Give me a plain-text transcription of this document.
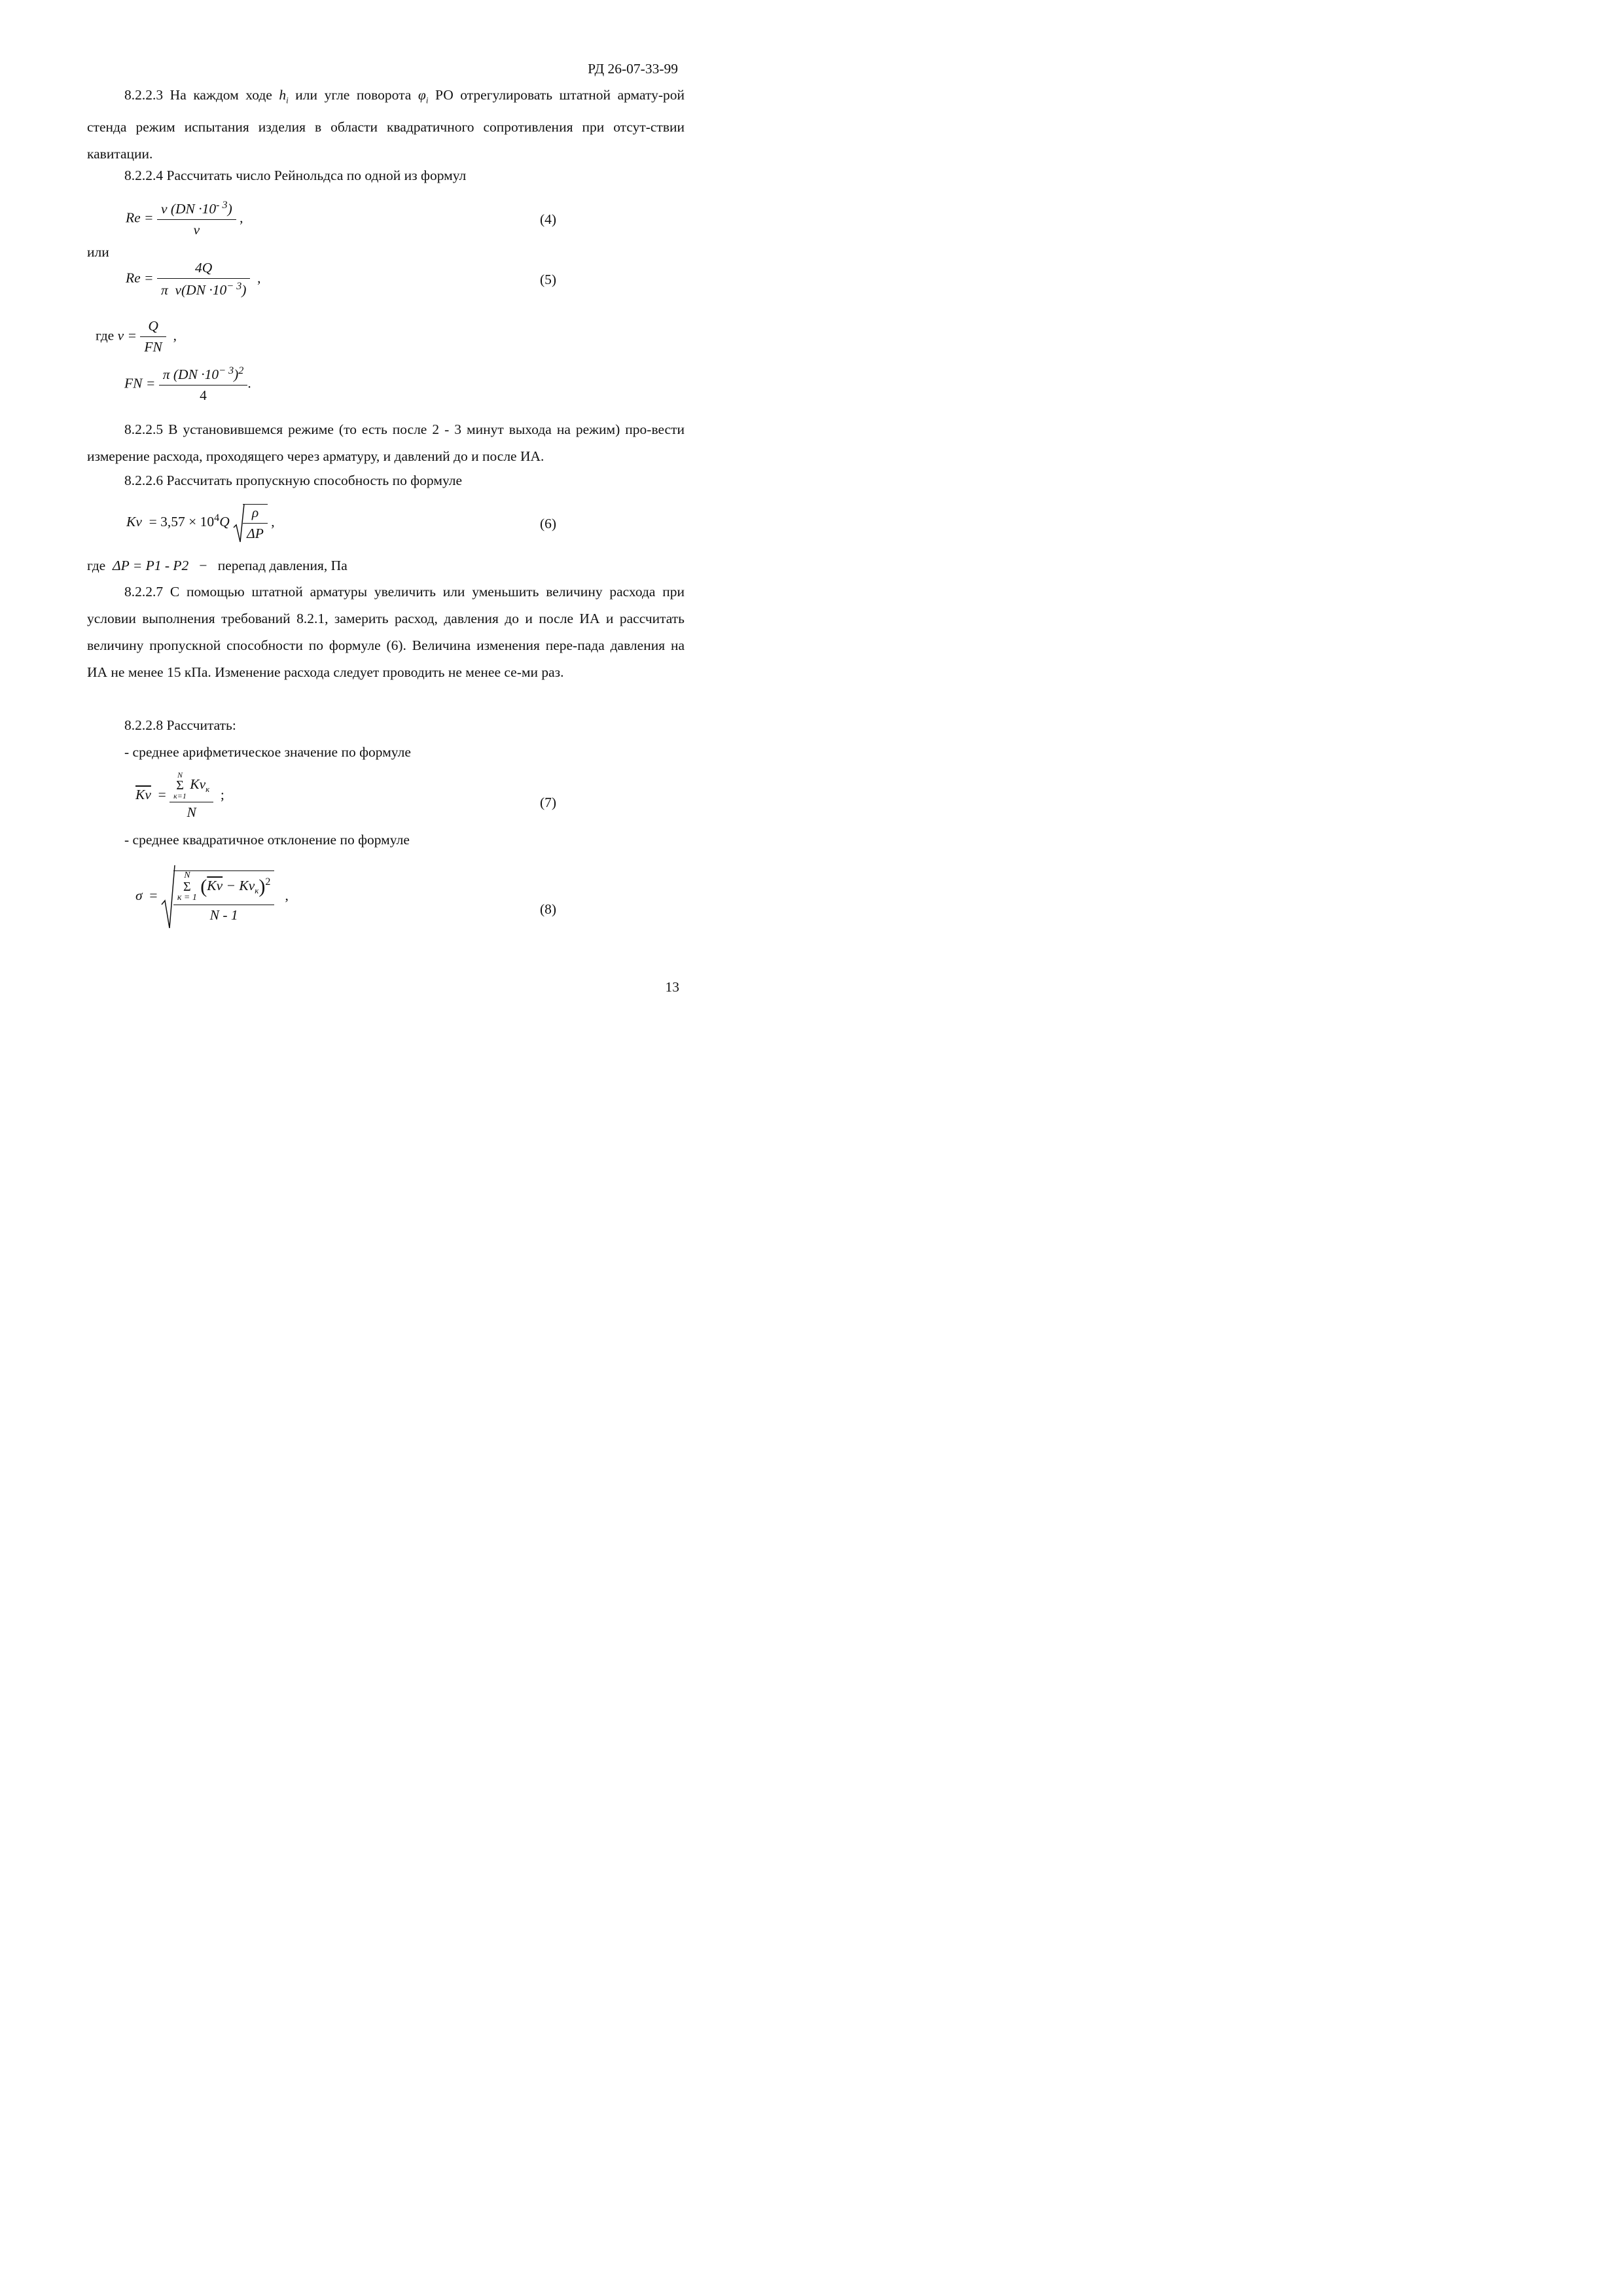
РД 26-07-33-99

8.2.2.3 На каждом ходе $h_i$ или угле поворота $\varphi_i$ РО отрегулировать штатной армату-рой стенда режим испытания изделия в области квадратичного сопротивления при отсут-ствии кавитации.

8.2.2.4 Рассчитать число Рейнольдса по одной из формул

$Re = \frac{v (DN \cdot 10^{- 3})}{v}$ ,	(4)
или
$Re = \frac{4Q}{\pi v(DN \cdot 10^{- 3})}$ ,	(5)
где $v = \frac{Q}{FN}$ ,
FN = $\frac{\pi (DN \cdot 10^{- 3})^2}{4}$ .

8.2.2.5 В установившемся режиме (то есть после 2 - 3 минут выхода на режим) про-вести измерение расхода, проходящего через арматуру, и давлений до и после ИА.

8.2.2.6 Рассчитать пропускную способность по формуле

$Kv = 3,57 \times 10^4Q \frac{\rho}{\Delta P}$ ,	(6)
где ΔP = P1 - P2 − перепад давления, Па

8.2.2.7 С помощью штатной арматуры увеличить или уменьшить величину расхода при условии выполнения требований 8.2.1, замерить расход, давления до и после ИА и рассчитать величину пропускной способности по формуле (6). Величина изменения пере-пада давления на ИА не менее 15 кПа. Изменение расхода следует проводить не менее се-ми раз.

8.2.2.8 Рассчитать:

- среднее арифметическое значение по формуле

$\overline{Kv} = N$
Σ
к=1
$Kv_к$
N ;
(7)

- среднее квадратичное отклонение по формуле

σ = N
Σ
к = 1
$(\overline{Kv} - Kv_к)^2$
N - 1 ,
(8)
13
